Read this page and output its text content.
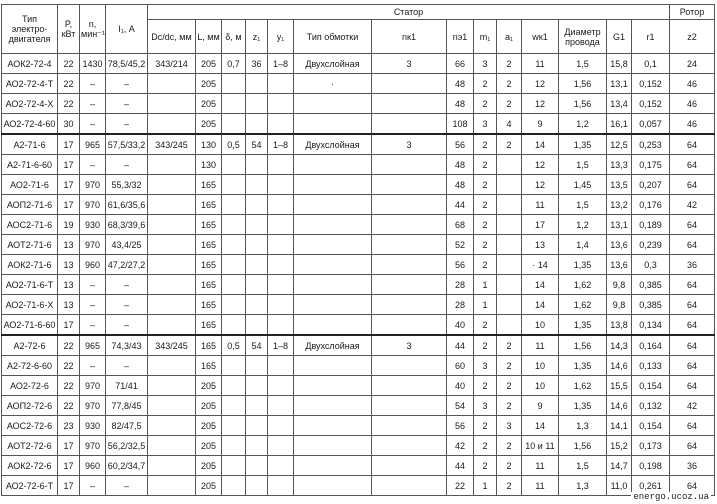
Тип электро-двигателя	P, кВт	n, мин⁻¹	I₁, А	Статор														Ротор
				Dc/dc, мм	L, мм	δ, м	z₁	y₁	Тип обмотки	nк1	nэ1	m₁	a₁	wк1	Диаметр провода	G1	r1	z2
АОК2-72-4	22	1430	78,5/45,2	343/214	205	0,7	36	1–8	Двухслойная	3	66	3	2	11	1,5	15,8	0,1	24
АО2-72-4-Т	22	–	–		205				·		48	2	2	12	1,56	13,1	0,152	46
АО2-72-4-Х	22	–	–		205						48	2	2	12	1,56	13,4	0,152	46
АО2-72-4-60	30	–	–		205						108	3	4	9	1,2	16,1	0,057	46
А2-71-6	17	965	57,5/33,2	343/245	130	0,5	54	1–8	Двухслойная	3	56	2	2	14	1,35	12,5	0,253	64
А2-71-6-60	17	–	–		130						48	2		12	1,5	13,3	0,175	64
АО2-71-6	17	970	55,3/32		165						48	2		12	1,45	13,5	0,207	64
АОП2-71-6	17	970	61,6/35,6		165						44	2		11	1,5	13,2	0,176	42
АОС2-71-6	19	930	68,3/39,6		165						68	2		17	1,2	13,1	0,189	64
АОТ2-71-6	13	970	43,4/25		165						52	2		13	1,4	13,6	0,239	64
АОК2-71-6	13	960	47,2/27,2		165						56	2		· 14	1,35	13,6	0,3	36
АО2-71-6-Т	13	–	–		165						28	1		14	1,62	9,8	0,385	64
АО2-71-6-Х	13	–	–		165						28	1		14	1,62	9,8	0,385	64
АО2-71-6-60	17	–	–		165						40	2		10	1,35	13,8	0,134	64
А2-72-6	22	965	74,3/43	343/245	165	0,5	54	1–8	Двухслойная	3	44	2	2	11	1,56	14,3	0,164	64
А2-72-6-60	22	–	–		165						60	3	2	10	1,35	14,6	0,133	64
АО2-72-6	22	970	71/41		205						40	2	2	10	1,62	15,5	0,154	64
АОП2-72-6	22	970	77,8/45		205						54	3	2	9	1,35	14,6	0,132	42
АОС2-72-6	23	930	82/47,5		205						56	2	3	14	1,3	14,1	0,154	64
АОТ2-72-6	17	970	56,2/32,5		205						42	2	2	10 и 11	1,56	15,2	0,173	64
АОК2-72-6	17	960	60,2/34,7		205						44	2	2	11	1,5	14,7	0,198	36
АО2-72-6-Т	17	–	–		205						22	1	2	11	1,3	11,0	0,261	64
energo.ucoz.ua
